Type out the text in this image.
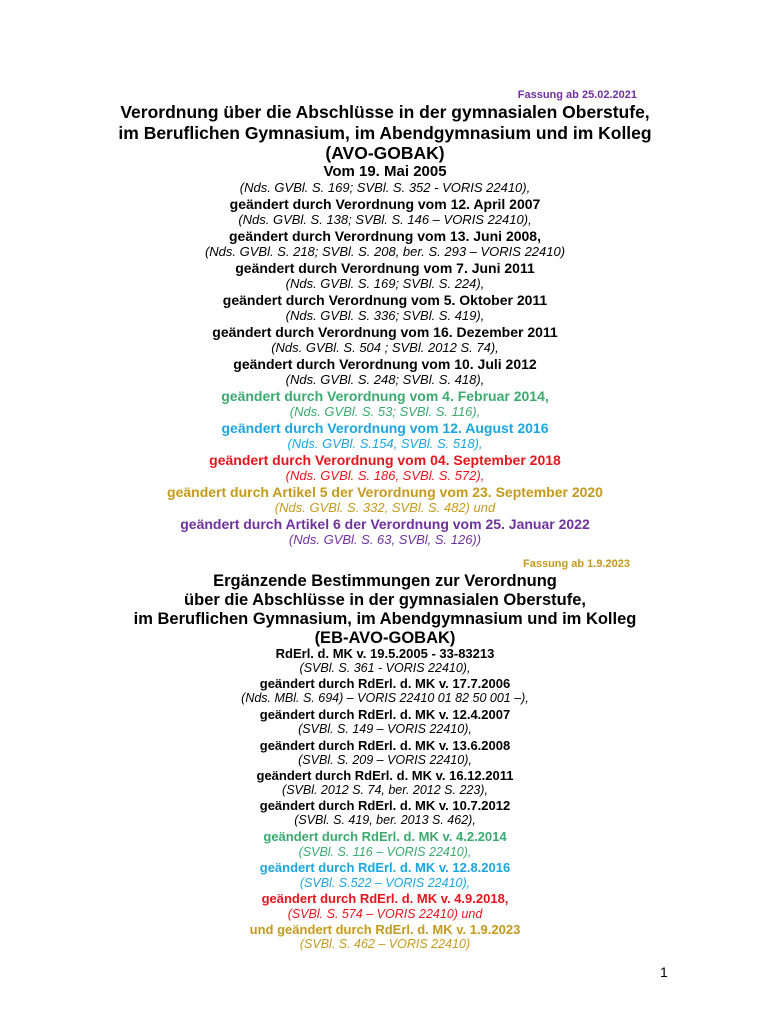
Fassung ab 25.02.2021
Verordnung über die Abschlüsse in der gymnasialen Oberstufe,
im Beruflichen Gymnasium, im Abendgymnasium und im Kolleg
(AVO-GOBAK)
Vom 19. Mai 2005
(Nds. GVBl. S. 169; SVBl. S. 352 - VORIS 22410),
geändert durch Verordnung vom 12. April 2007
(Nds. GVBl. S. 138; SVBl. S. 146 – VORIS 22410),
geändert durch Verordnung vom 13. Juni 2008,
(Nds. GVBl. S. 218; SVBl. S. 208, ber. S. 293 – VORIS 22410)
geändert durch Verordnung vom 7. Juni 2011
(Nds. GVBl. S. 169; SVBl. S. 224),
geändert durch Verordnung vom 5. Oktober 2011
(Nds. GVBl. S. 336; SVBl. S. 419),
geändert durch Verordnung vom 16. Dezember 2011
(Nds. GVBl. S. 504 ; SVBl. 2012 S. 74),
geändert durch Verordnung vom 10. Juli 2012
(Nds. GVBl. S. 248; SVBl. S. 418),
geändert durch Verordnung vom 4. Februar 2014,
(Nds. GVBl. S. 53; SVBl. S. 116),
geändert durch Verordnung vom 12. August 2016
(Nds. GVBl. S.154, SVBl. S. 518),
geändert durch Verordnung vom 04. September 2018
(Nds. GVBl. S. 186, SVBl. S. 572),
geändert durch Artikel 5 der Verordnung vom 23. September 2020
(Nds. GVBl. S. 332, SVBl. S. 482) und
geändert durch Artikel 6 der Verordnung vom 25. Januar 2022
(Nds. GVBl. S. 63, SVBl, S. 126))
Fassung ab 1.9.2023
Ergänzende Bestimmungen zur Verordnung
über die Abschlüsse in der gymnasialen Oberstufe,
im Beruflichen Gymnasium, im Abendgymnasium und im Kolleg
(EB-AVO-GOBAK)
RdErl. d. MK v. 19.5.2005 - 33-83213
(SVBl. S. 361 - VORIS 22410),
geändert durch RdErl. d. MK v. 17.7.2006
(Nds. MBl. S. 694) – VORIS 22410 01 82 50 001 –),
geändert durch RdErl. d. MK v. 12.4.2007
(SVBl. S. 149 – VORIS 22410),
geändert durch RdErl. d. MK v. 13.6.2008
(SVBl. S. 209 – VORIS 22410),
geändert durch RdErl. d. MK v. 16.12.2011
(SVBl. 2012 S. 74, ber. 2012 S. 223),
geändert durch RdErl. d. MK v. 10.7.2012
(SVBl. S. 419, ber. 2013 S. 462),
geändert durch RdErl. d. MK v. 4.2.2014
(SVBl. S. 116 – VORIS 22410),
geändert durch RdErl. d. MK v. 12.8.2016
(SVBl. S.522 – VORIS 22410),
geändert durch RdErl. d. MK v. 4.9.2018,
(SVBl. S. 574 – VORIS 22410) und
und geändert durch RdErl. d. MK v. 1.9.2023
(SVBl. S. 462 – VORIS 22410)
1
